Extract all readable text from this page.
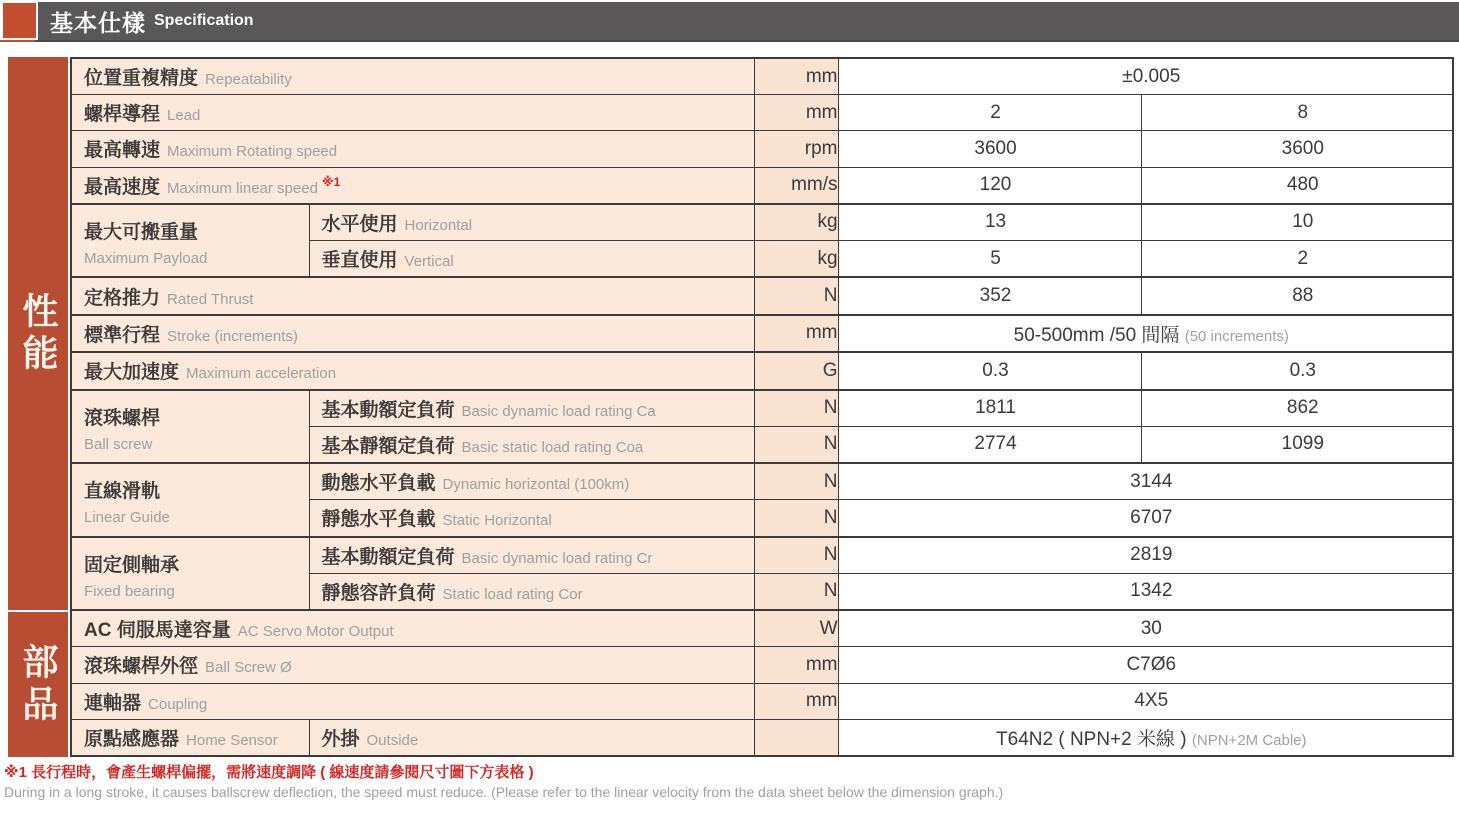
基本仕樣 Specification
性能
部品
位置重複精度 Repeatability		mm	±0.005	
螺桿導程 Lead		mm	2	8
最高轉速 Maximum Rotating speed		rpm	3600	3600
最高速度 Maximum linear speed $^{※1}$		mm/s	120	480

最大可搬重量
Maximum Payload	水平使用 Horizontal	kg	13	10
	垂直使用 Vertical	kg	5	2
定格推力 Rated Thrust		N	352	88
標準行程 Stroke (increments)		mm	50-500mm /50 間隔 (50 increments)	
最大加速度 Maximum acceleration		G	0.3	0.3

滾珠螺桿
Ball screw	基本動額定負荷 Basic dynamic load rating Ca	N	1811	862
	基本靜額定負荷 Basic static load rating Coa	N	2774	1099

直線滑軌
Linear Guide	動態水平負載 Dynamic horizontal (100km)	N	3144	
	靜態水平負載 Static Horizontal	N	6707	

固定側軸承
Fixed bearing	基本動額定負荷 Basic dynamic load rating Cr	N	2819	
	靜態容許負荷 Static load rating Cor	N	1342	
AC 伺服馬達容量 AC Servo Motor Output		W	30	
滾珠螺桿外徑 Ball Screw Ø		mm	C7Ø6	
連軸器 Coupling		mm	4X5	
原點感應器 Home Sensor	外掛 Outside		T64N2 ( NPN+2 米線 ) (NPN+2M Cable)	
※1 長行程時，會產生螺桿偏擺，需將速度調降 ( 線速度請參閱尺寸圖下方表格 )
During in a long stroke, it causes ballscrew deflection, the speed must reduce. (Please refer to the linear velocity from the data sheet below the dimension graph.)
